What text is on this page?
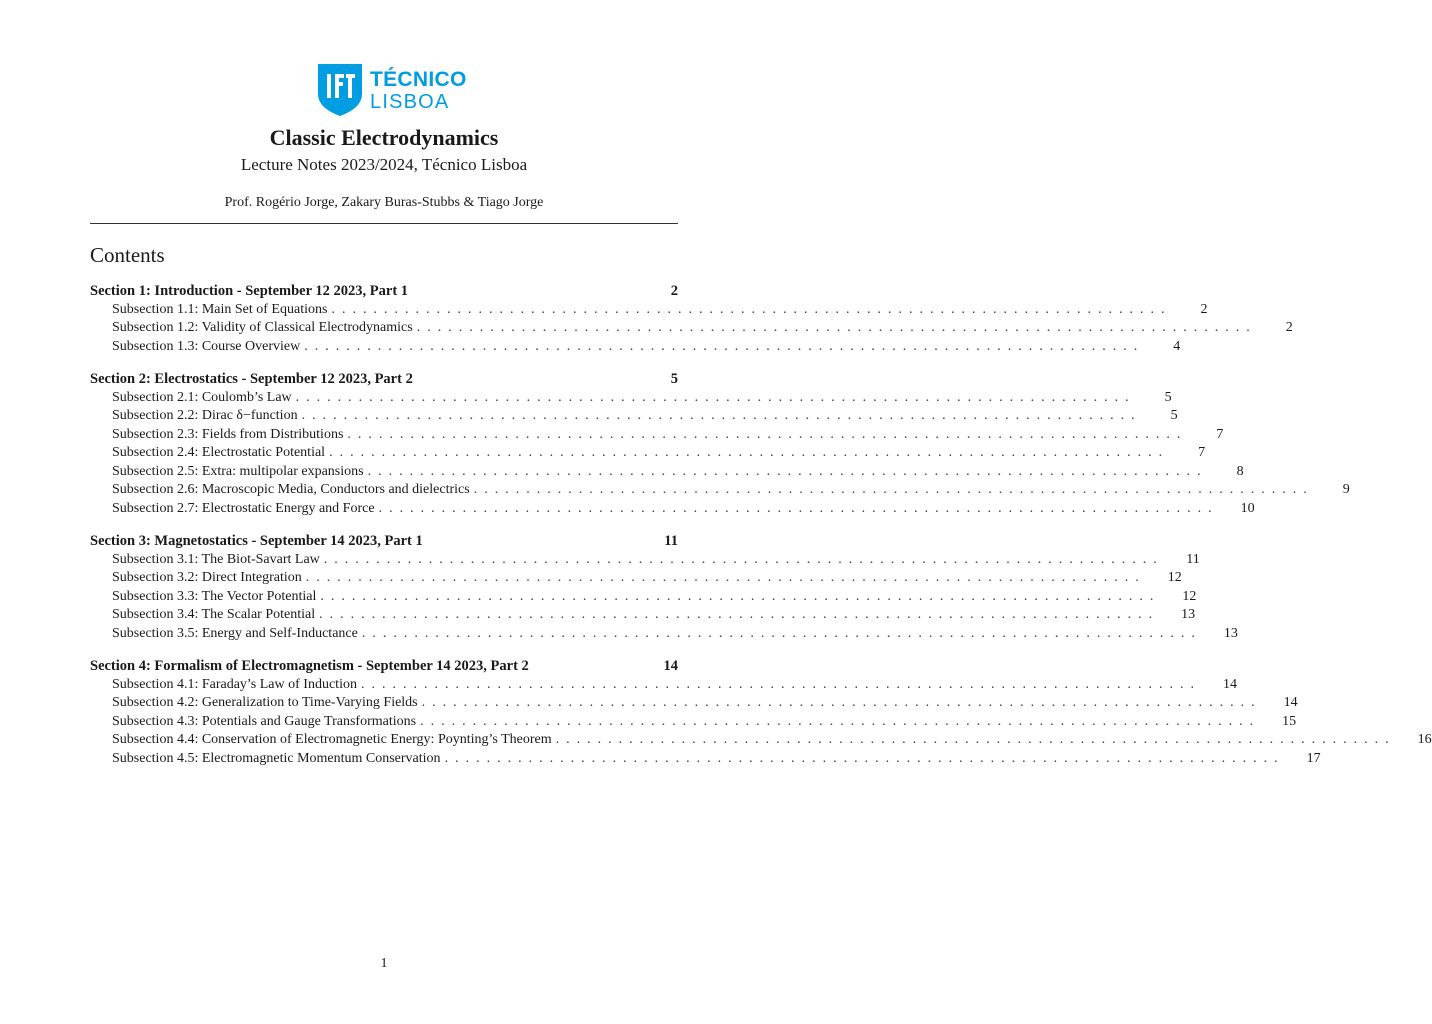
TÉCNICO
LISBOA
Classic Electrodynamics

Lecture Notes 2023/2024, Técnico Lisboa

Prof. Rogério Jorge, Zakary Buras-Stubbs & Tiago Jorge

Contents
Section 1: Introduction - September 12 2023, Part 1	2
Subsection 1.1: Main Set of Equations ................................................................................	2
Subsection 1.2: Validity of Classical Electrodynamics ................................................................................	2
Subsection 1.3: Course Overview ................................................................................	4
Section 2: Electrostatics - September 12 2023, Part 2	5
Subsection 2.1: Coulomb’s Law ................................................................................	5
Subsection 2.2: Dirac δ−function ................................................................................	5
Subsection 2.3: Fields from Distributions ................................................................................	7
Subsection 2.4: Electrostatic Potential ................................................................................	7
Subsection 2.5: Extra: multipolar expansions ................................................................................	8
Subsection 2.6: Macroscopic Media, Conductors and dielectrics ................................................................................	9
Subsection 2.7: Electrostatic Energy and Force ................................................................................	10
Section 3: Magnetostatics - September 14 2023, Part 1	11
Subsection 3.1: The Biot-Savart Law ................................................................................	11
Subsection 3.2: Direct Integration ................................................................................	12
Subsection 3.3: The Vector Potential ................................................................................	12
Subsection 3.4: The Scalar Potential ................................................................................	13
Subsection 3.5: Energy and Self-Inductance ................................................................................	13
Section 4: Formalism of Electromagnetism - September 14 2023, Part 2	14
Subsection 4.1: Faraday’s Law of Induction ................................................................................	14
Subsection 4.2: Generalization to Time-Varying Fields ................................................................................	14
Subsection 4.3: Potentials and Gauge Transformations ................................................................................	15
Subsection 4.4: Conservation of Electromagnetic Energy: Poynting’s Theorem ................................................................................	16
Subsection 4.5: Electromagnetic Momentum Conservation ................................................................................	17
1
